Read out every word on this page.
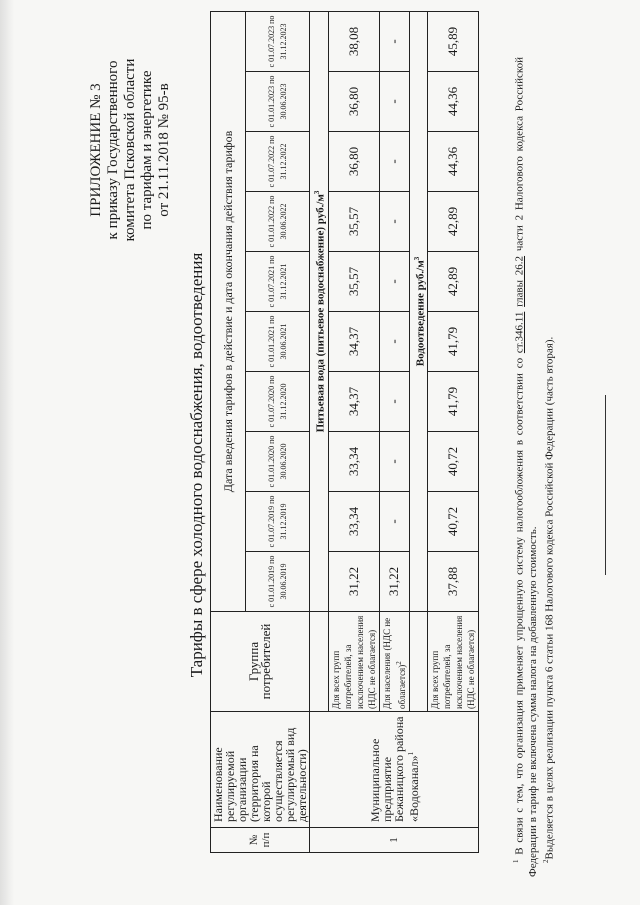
ПРИЛОЖЕНИЕ № 3 к приказу Государственного комитета Псковской области по тарифам и энергетике от 21.11.2018 № 95-в
Тарифы в сфере холодного водоснабжения, водоотведения
№ п/п	Наименование регулируемой организации (территория на которой осуществляется регулируемый вид деятельности)	Группа потребителей	Дата введения тарифов в действие и дата окончания действия тарифов									
			с 01.01.2019 по 30.06.2019	с 01.07.2019 по 31.12.2019	с 01.01.2020 по 30.06.2020	с 01.07.2020 по 31.12.2020	с 01.01.2021 по 30.06.2021	с 01.07.2021 по 31.12.2021	с 01.01.2022 по 30.06.2022	с 01.07.2022 по 31.12.2022	с 01.01.2023 по 30.06.2023	с 01.07.2023 по 31.12.2023
1	Муниципальное предприятие Бежаницкого района «Водоканал»$^1$		Питьевая вода (питьевое водоснабжение) $руб./м^3$
		Для всех групп потребителей, за исключением населения (НДС не облагается)	31,22	33,34	33,34	34,37	34,37	35,57	35,57	36,80	36,80	38,08
		Для населения (НДС не облагается)$^2$	31,22	-	-	-	-	-	-	-	-	-
			Водоотведение $руб./м^3$
		Для всех групп потребителей, за исключением населения (НДС не облагается)	37,88	40,72	40,72	41,79	41,79	42,89	42,89	44,36	44,36	45,89

$^1$ В связи с тем, что организация применяет упрощенную систему налогообложения в соответствии со ст.346.11 главы 26.2 части 2 Налогового кодекса Российской Федерации в тариф не включена сумма налога на добавленную стоимость. $^2$Выделяется в целях реализации пункта 6 статьи 168 Налогового кодекса Российской Федерации (часть вторая).
